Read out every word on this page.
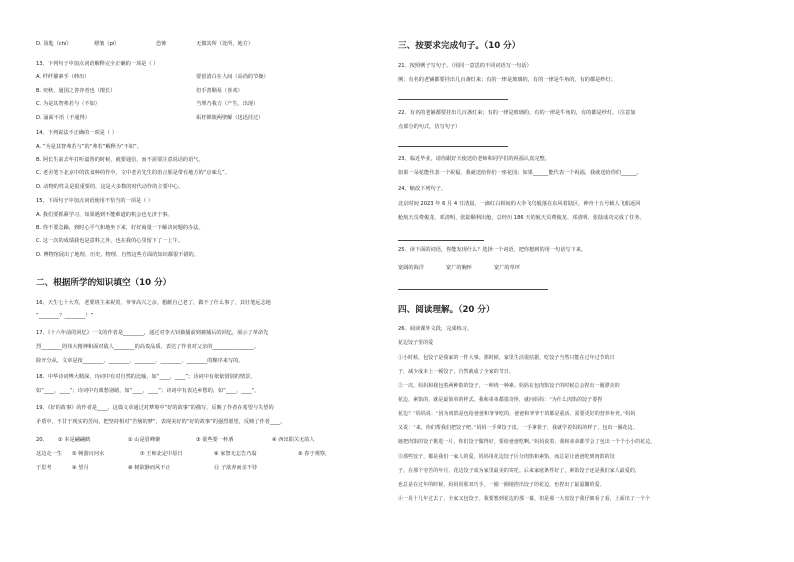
D. 汤匙（chí）	褶皱（pí）	恐怖	无微其所（处所，地方）
13、下列句子中加点词语解释完全正确的一项是（ ）
A. 纤纤擢素手（伸出）	要留清白在人间（高尚的节操）
B. 奕秋，通国之善弈者也（擅长）	但手善顺易（喜欢）
C. 为是其智弗若与（不如）	当理乃我力（产生、出现）
D. 涌面不语（不通得）	垢枉锦簇两壁解（迅迅挂过）
14、下列说法不正确的一项是（ ）
A. “为是其智弗若与”的“弗若”解释为“不如”。
B. 阿长生前去年打听嘉鲁的时候，就要通信，而不需要注意说话的语气。
C. 老舍笔下北京中的饮食种的作中，文中老舍先生的语言那是带有地方的“京味儿”。
D. 动物的性灵是很重要的，这是大多数的时代动作的主要中心。
15、下面句子中加点词语使用不恰当的一项是（ ）
A. 我们要抓紧学习，如果遇到不能难道的机会也无济于事。
B. 你不要急躁，到时心平气和地坐下来，好好商量一下解决问题的办法。
C. 这一次的成绩我也是意料之外，也在我的心里留下了一上午。
D. 博物馆展出了地理、历史、物理、自然这些方面的知识都很不错的。
二、根据所学的知识填空（10 分）
16、天生七十大寿，老要班主来祝贺，爷爷高兴之余，想献自己老了，做不了什么事了，其壮笔远志地
“________？________！”
17、《十六年前的回忆》一文的作者是________，通过对李大钊被捕前到被捕后的回忆，展示了革命先
烈________的伟大精神和面对敌人________的高贵品质，表达了作者对父亲的________________。
除开分从，文章是按________、________、________、________、________的顺序来写的。
18、中华诗词博大精深，诗词中有对自然的比喻，如“____，____”；诗词中有依依惜别的情景，
如“____，____”；诗词中有离愁别绪，如“____，____”；诗词中有表达乡愁的，如“____，____”。
19、《好的故事》的作者是____，这篇文章通过对梦境中“好的故事”的描写，反映了作者在希望与失望的
矛盾中，不甘于现实的苦闷，把坚持相对“苦恼的梦”，表现美好的“好的故事”的强烈愿望，反映了作者____。
20、 ① 本是翩翩鹤	② 山是眉峰聚	③ 欲些要一杯酒	④ 西出阳关无故人
这边走一生 ⑤ 畅游百河水	⑦ 王师北定中原日	⑧ 家祭无忘告乃翁	⑨ 春于观察，
于思考	⑨ 望月	⑩ 树欲静而风不止	⑪ 子欲养而亲不待
三、按要求完成句子。（10 分）
21、按照例子写句子。（用同一意思的不同词语写一句话）
例：有名的老铺都要挂出几百盏灯来；有的一律是玻璃的，有的一律是牛角的，有的都是纱灯；
22、有名的老铺都要挂出几百盏灯来；有的一律是玻璃的，有的一律是牛角的，有的都是纱灯。（注意加
点部分的句式，仿写句子）
23、临近毕业，请你跟好天使送给老师和同学们的祝福认真完整。
如果一朵花能代表一个祝福，我就送给你们一座花园；如果______能代表一个祝福，我就送给你们______。
24、缩改下列句子。
北京时间 2023 年 6 月 4 日清晨，一滴红白相间的大伞飞鸟般落在东风着陆区，神舟十五号载人飞船返回
舱航天员费俊龙、邓清明、张陆顺利出舱，总经历 186 天的航天员费俊龙、邓清明、张陆成功完成了任务。
25、读下面的词语，你能发现什么？选择一个词语，把你想到的用一句话写下来。
宽阔的海洋	宽广的胸怀	宽广的草坪
四、阅读理解。（20 分）
26、阅读课外文段，完成练习。
花边饺子里的爱
①小时候，包饺子是我家的一件大事。那时候，家里生活很拮据，吃饺子当然只能在过年过节的日
子，减少成本上一顿饺子，自然就成了全家的节日。
②一次，妈妈和我包着两种馅的饺子，一种肉一种素。妈妈在包肉馅饺子的时候总会捏出一圈漂亮的
花边，素馅的，就是最简单的样式。我和弟弟都很奇怪，就问妈妈：“为什么肉馅的饺子要捏
花边？”妈妈说：“因为肉馅是包给爸爸和爷爷吃的，爸爸和爷爷干的都是重活，需要更好的营养补充。”妈妈
又说：“来，你们帮我们把饺子吧。”妈妈一手拿饺子皮，一手拿筷子，我就学着妈妈的样子，包出一圈花边。
她把肉馅的饺子挑进一片，你们饺子做得好，要给爸爸吃啊。”妈妈说着，我和弟弟都学会了包出一个个小小的花边。
③那些饺子，都是我们一家人的爱。妈妈用花边饺子区分肉馅和素馅，而总是让爸爸吃到肉馅的饺
子。在那个穷苦的年月，花边饺子成为家里最美的寄托。后来家庭条件好了，素馅饺子还是我们家人最爱的，
也总是在过年的时候，妈妈用那双巧手，一圈一圈地捏出饺子的花边，也捏出了最温馨的爱。
④一晃十几年过去了，全家又包饺子。我要想到花边的那一幕，但是那一大盘饺子我仔细看了看，上面出了一个个
